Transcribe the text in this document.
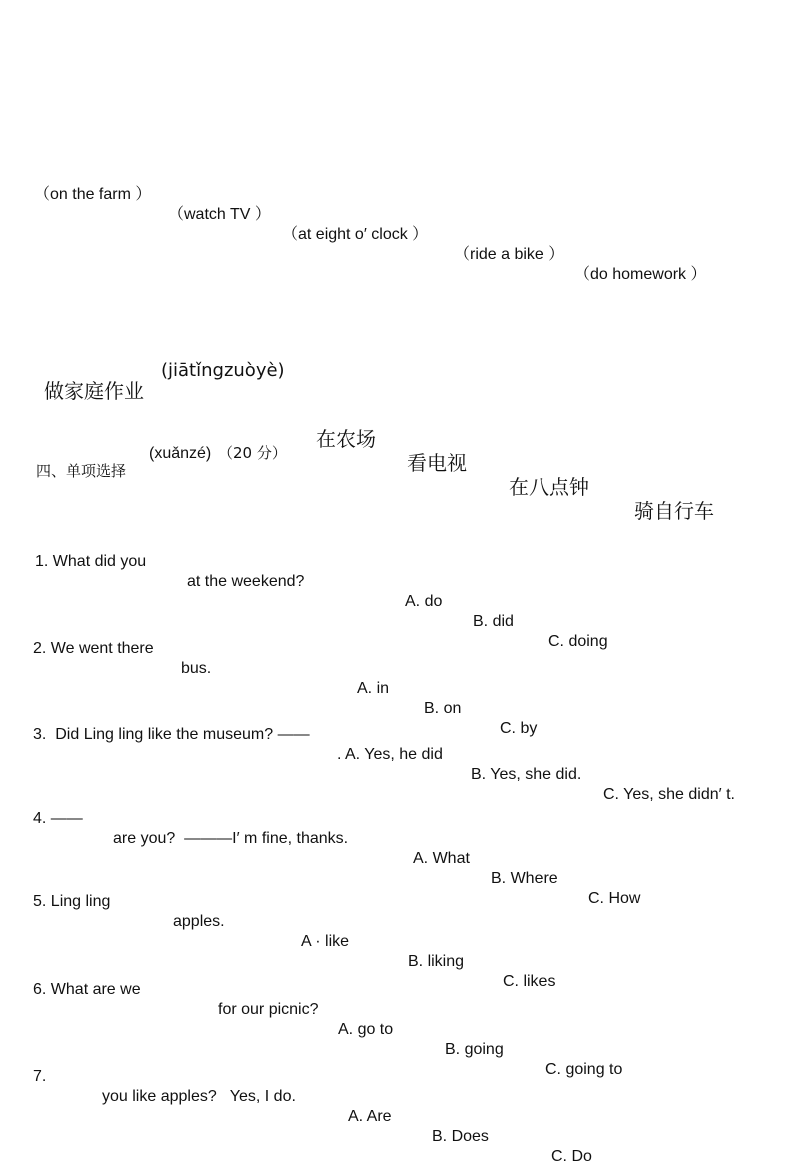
（on the farm ）

（watch TV ）

（at eight o′ clock ）

（ride a bike ）

（do homework ）

做家庭作业

(jiātǐngzuòyè)

在农场

看电视

在八点钟

骑自行车

四、单项选择

(xuǎnzé)

（20 分）

1. What did you

at the weekend?

A. do

B. did

C. doing

2. We went there

bus.

A. in

B. on

C. by

3.  Did Ling ling like the museum? ——

. A. Yes, he did

B. Yes, she did.

C. Yes, she didn′ t.

4. ——

are you?  ———I′ m fine, thanks.

A. What

B. Where

C. How

5. Ling ling

apples.

A · like

B. liking

C. likes

6. What are we

for our picnic?

A. go to

B. going

C. going to

7.

you like apples?   Yes, I do.

A. Are

B. Does

C. Do
